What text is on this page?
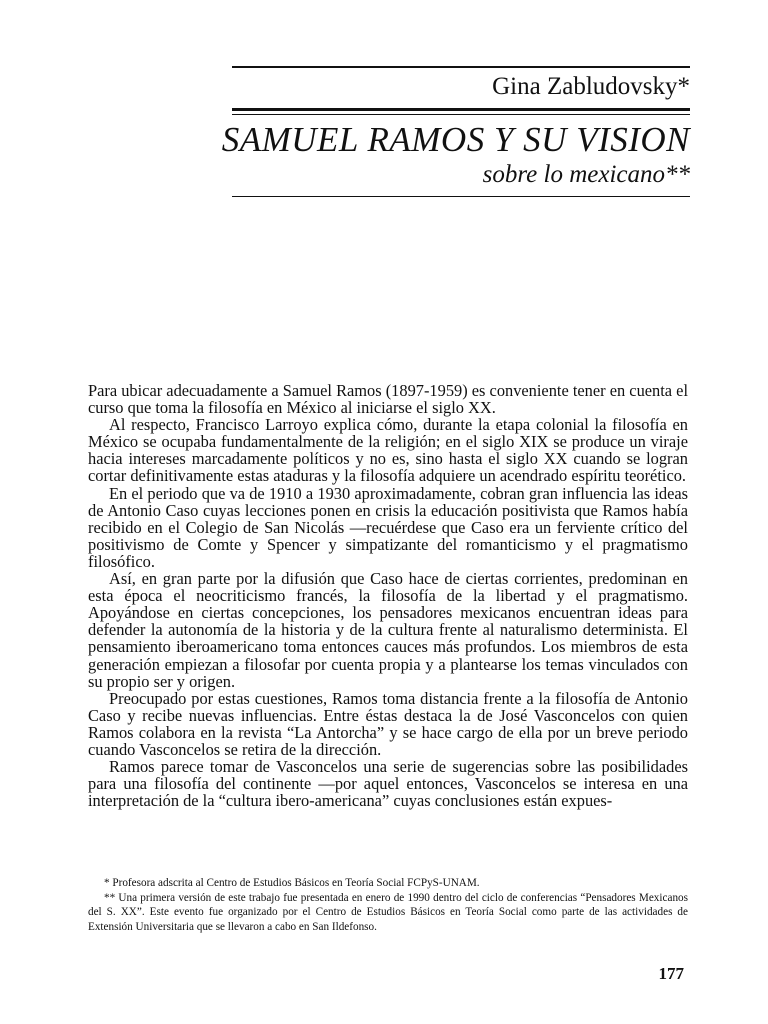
Gina Zabludovsky*
SAMUEL RAMOS Y SU VISION
sobre lo mexicano**

Para ubicar adecuadamente a Samuel Ramos (1897-1959) es conveniente tener en cuenta el curso que toma la filosofía en México al iniciarse el siglo XX.

Al respecto, Francisco Larroyo explica cómo, durante la etapa colonial la filosofía en México se ocupaba fundamentalmente de la religión; en el siglo XIX se produce un viraje hacia intereses marcadamente políticos y no es, sino hasta el siglo XX cuando se logran cortar definitivamente estas ataduras y la filosofía adquiere un acendrado espíritu teorético.

En el periodo que va de 1910 a 1930 aproximadamente, cobran gran influencia las ideas de Antonio Caso cuyas lecciones ponen en crisis la educación positivista que Ramos había recibido en el Colegio de San Nicolás —recuérdese que Caso era un ferviente crítico del positivismo de Comte y Spencer y simpatizante del romanticismo y el pragmatismo filosófico.

Así, en gran parte por la difusión que Caso hace de ciertas corrientes, predominan en esta época el neocriticismo francés, la filosofía de la libertad y el pragmatismo. Apoyándose en ciertas concepciones, los pensadores mexicanos encuentran ideas para defender la autonomía de la historia y de la cultura frente al naturalismo determinista. El pensamiento iberoamericano toma entonces cauces más profundos. Los miembros de esta generación empiezan a filosofar por cuenta propia y a plantearse los temas vinculados con su propio ser y origen.

Preocupado por estas cuestiones, Ramos toma distancia frente a la filosofía de Antonio Caso y recibe nuevas influencias. Entre éstas destaca la de José Vasconcelos con quien Ramos colabora en la revista “La Antorcha” y se hace cargo de ella por un breve periodo cuando Vasconcelos se retira de la dirección.

Ramos parece tomar de Vasconcelos una serie de sugerencias sobre las posibilidades para una filosofía del continente —por aquel entonces, Vasconcelos se interesa en una interpretación de la “cultura ibero-americana” cuyas conclusiones están expues-

* Profesora adscrita al Centro de Estudios Básicos en Teoría Social FCPyS-UNAM.

** Una primera versión de este trabajo fue presentada en enero de 1990 dentro del ciclo de conferencias “Pensadores Mexicanos del S. XX”. Este evento fue organizado por el Centro de Estudios Básicos en Teoría Social como parte de las actividades de Extensión Universitaria que se llevaron a cabo en San Ildefonso.

177
